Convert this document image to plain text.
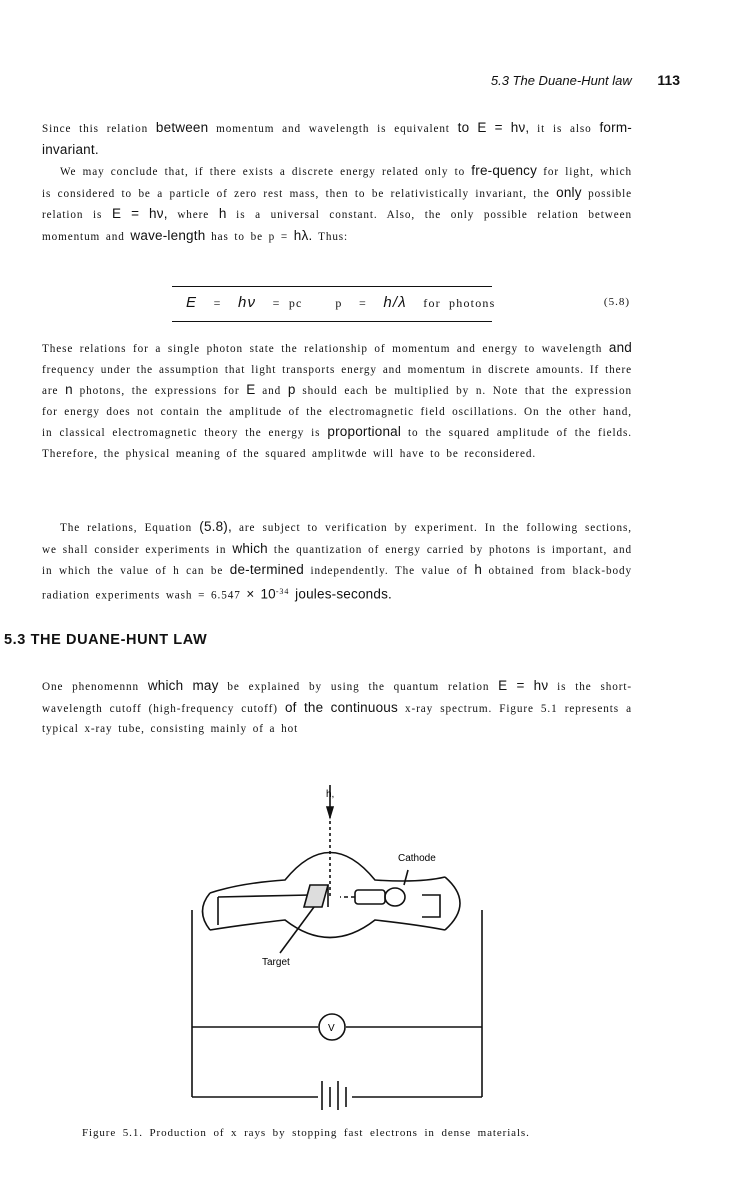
5.3 The Duane-Hunt law 113

Since this relation between momentum and wavelength is equivalent to E = hν, it is also form-invariant.

We may conclude that, if there exists a discrete energy related only to fre-quency for light, which is considered to be a particle of zero rest mass, then to be relativistically invariant, the only possible relation is E = hν, where h is a universal constant. Also, the only possible relation between momentum and wave-length has to be p = hλ. Thus:

E = hν = pc	p = h/λ for photons	(5.8)

These relations for a single photon state the relationship of momentum and energy to wavelength and frequency under the assumption that light transports energy and momentum in discrete amounts. If there are n photons, the expressions for E and p should each be multiplied by n. Note that the expression for energy does not contain the amplitude of the electromagnetic field oscillations. On the other hand, in classical electromagnetic theory the energy is proportional to the squared amplitude of the fields. Therefore, the physical meaning of the squared amplitwde will have to be reconsidered.

The relations, Equation (5.8), are subject to verification by experiment. In the following sections, we shall consider experiments in which the quantization of energy carried by photons is important, and in which the value of h can be de-termined independently. The value of h obtained from black-body radiation experiments wash = $6.547 \times 10^{-34}$ joules-seconds.

5.3 THE DUANE-HUNT LAW

One phenomennn which may be explained by using the quantum relation E = hν is the short-wavelength cutoff (high-frequency cutoff) of the continuous x-ray spectrum. Figure 5.1 represents a typical x-ray tube, consisting mainly of a hot

h,
Cathode
Target
V
Figure 5.1. Production of x rays by stopping fast electrons in dense materials.
